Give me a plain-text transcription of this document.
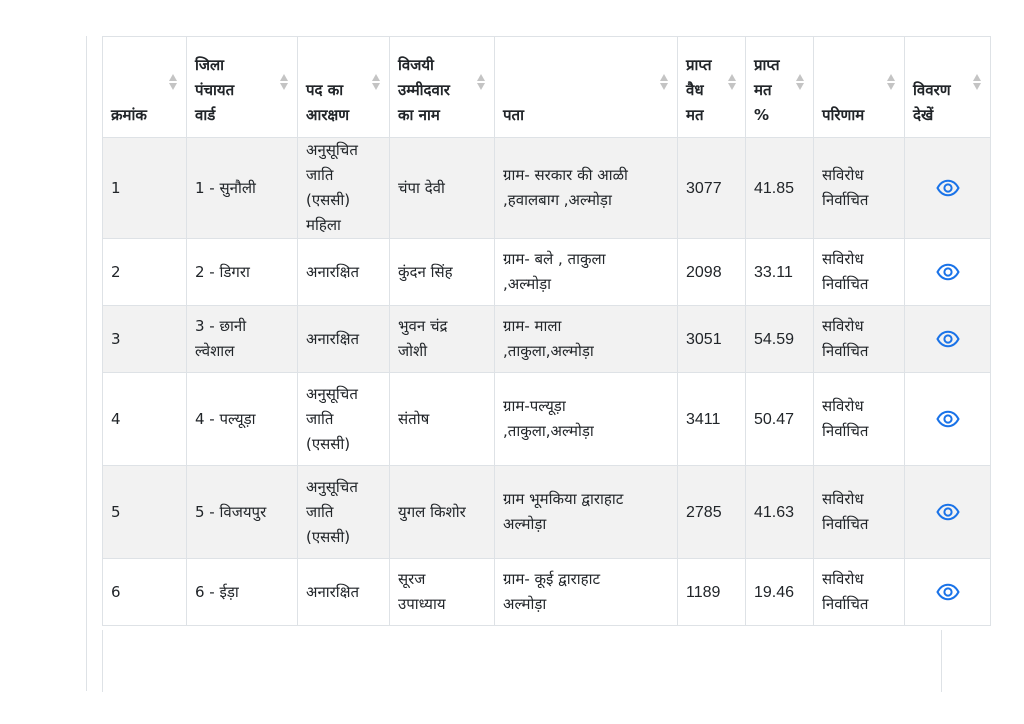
क्रमांक	जिला
पंचायत
वार्ड	पद का
आरक्षण	विजयी
उम्मीदवार
का नाम	पता	प्राप्त
वैध
मत	प्राप्त
मत
%	परिणाम	विवरण
देखें

1	1 - सुनौली	अनुसूचित
जाति
(एससी)
महिला	चंपा देवी	ग्राम- सरकार की आळी
,हवालबाग ,अल्मोड़ा	3077	41.85	सविरोध
निर्वाचित	
2	2 - डिगरा	अनारक्षित	कुंदन सिंह	ग्राम- बले , ताकुला
,अल्मोड़ा	2098	33.11	सविरोध
निर्वाचित	
3	3 - छानी
ल्वेशाल	अनारक्षित	भुवन चंद्र
जोशी	ग्राम- माला
,ताकुला,अल्मोड़ा	3051	54.59	सविरोध
निर्वाचित	
4	4 - पल्यूड़ा	अनुसूचित
जाति
(एससी)	संतोष	ग्राम-पल्यूड़ा
,ताकुला,अल्मोड़ा	3411	50.47	सविरोध
निर्वाचित	
5	5 - विजयपुर	अनुसूचित
जाति
(एससी)	युगल किशोर	ग्राम भूमकिया द्वाराहाट
अल्मोड़ा	2785	41.63	सविरोध
निर्वाचित	
6	6 - ईड़ा	अनारक्षित	सूरज
उपाध्याय	ग्राम- कूई द्वाराहाट
अल्मोड़ा	1189	19.46	सविरोध
निर्वाचित	
